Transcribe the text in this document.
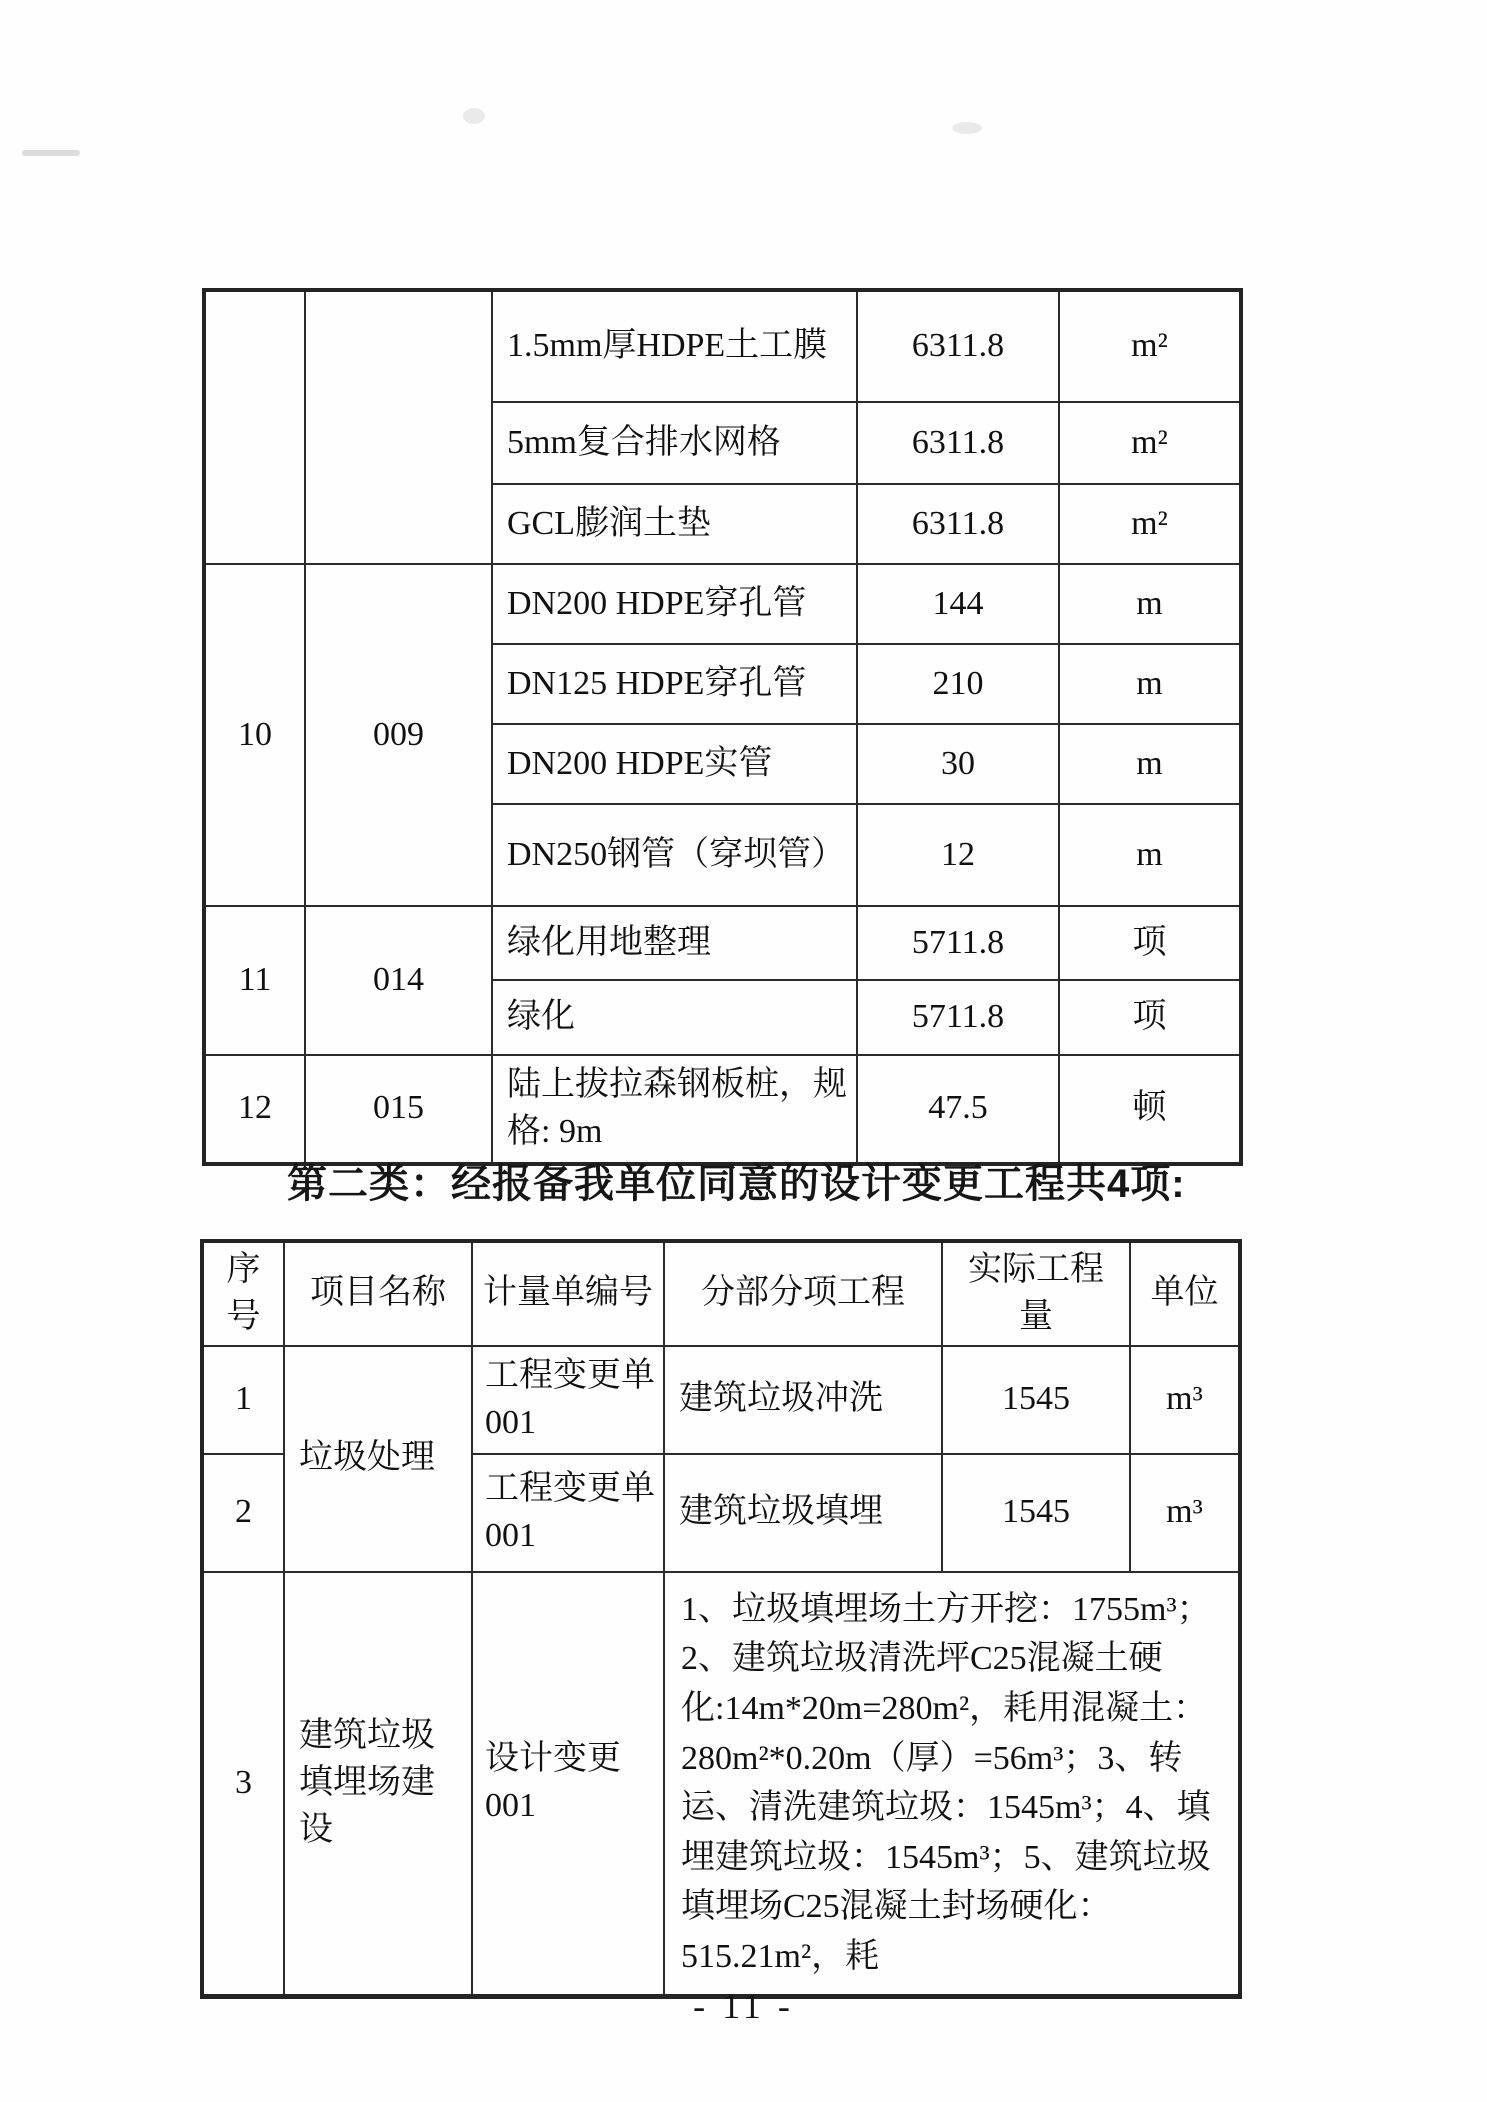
		1.5mm厚HDPE土工膜	6311.8	m²
		5mm复合排水网格	6311.8	m²
		GCL膨润土垫	6311.8	m²
10	009	DN200 HDPE穿孔管	144	m
		DN125 HDPE穿孔管	210	m
		DN200 HDPE实管	30	m
		DN250钢管（穿坝管）	12	m
11	014	绿化用地整理	5711.8	项
		绿化	5711.8	项
12	015	陆上拔拉森钢板桩，规格: 9m	47.5	顿
第二类：经报备我单位同意的设计变更工程共4项:
序号	项目名称	计量单编号	分部分项工程	实际工程量	单位
1	垃圾处理	工程变更单001	建筑垃圾冲洗	1545	m³
2		工程变更单001	建筑垃圾填埋	1545	m³
3	建筑垃圾填埋场建设	设计变更001	1、垃圾填埋场土方开挖：1755m³；2、建筑垃圾清洗坪C25混凝土硬化:14m*20m=280m²，耗用混凝土：280m²*0.20m（厚）=56m³；3、转运、清洗建筑垃圾：1545m³；4、填埋建筑垃圾：1545m³；5、建筑垃圾填埋场C25混凝土封场硬化：515.21m²，耗		
- 11 -
